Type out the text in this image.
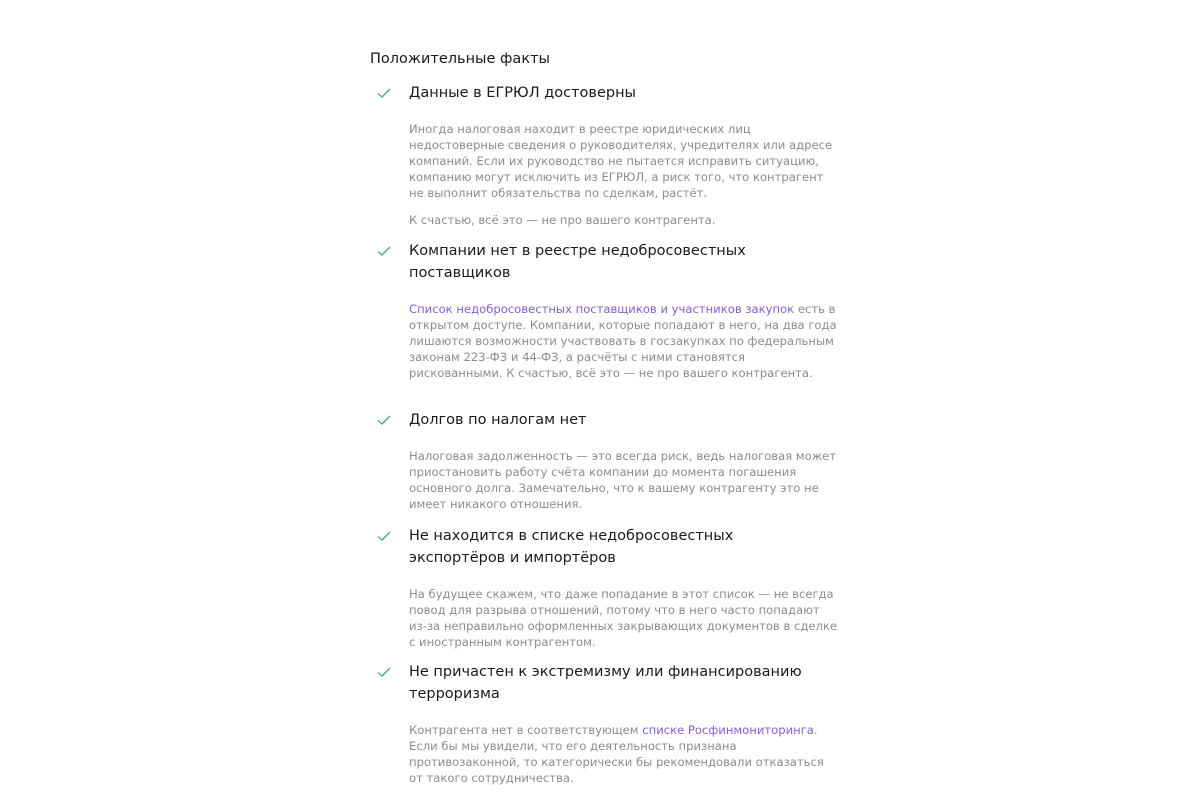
Положительные факты
Данные в ЕГРЮЛ достоверны

Иногда налоговая находит в реестре юридических лиц недостоверные сведения о руководителях, учредителях или адресе компаний. Если их руководство не пытается исправить ситуацию, компанию могут исключить из ЕГРЮЛ, а риск того, что контрагент не выполнит обязательства по сделкам, растёт.

К счастью, всё это — не про вашего контрагента.

Компании нет в реестре недобросовестных поставщиков

Список недобросовестных поставщиков и участников закупок есть в открытом доступе. Компании, которые попадают в него, на два года лишаются возможности участвовать в госзакупках по федеральным законам 223-ФЗ и 44-ФЗ, а расчёты с ними становятся рискованными. К счастью, всё это — не про вашего контрагента.

Долгов по налогам нет

Налоговая задолженность — это всегда риск, ведь налоговая может приостановить работу счёта компании до момента погашения основного долга. Замечательно, что к вашему контрагенту это не имеет никакого отношения.

Не находится в списке недобросовестных экспортёров и импортёров

На будущее скажем, что даже попадание в этот список — не всегда повод для разрыва отношений, потому что в него часто попадают из-за неправильно оформленных закрывающих документов в сделке с иностранным контрагентом.

Не причастен к экстремизму или финансированию терроризма

Контрагента нет в соответствующем списке Росфинмониторинга. Если бы мы увидели, что его деятельность признана противозаконной, то категорически бы рекомендовали отказаться от такого сотрудничества.
